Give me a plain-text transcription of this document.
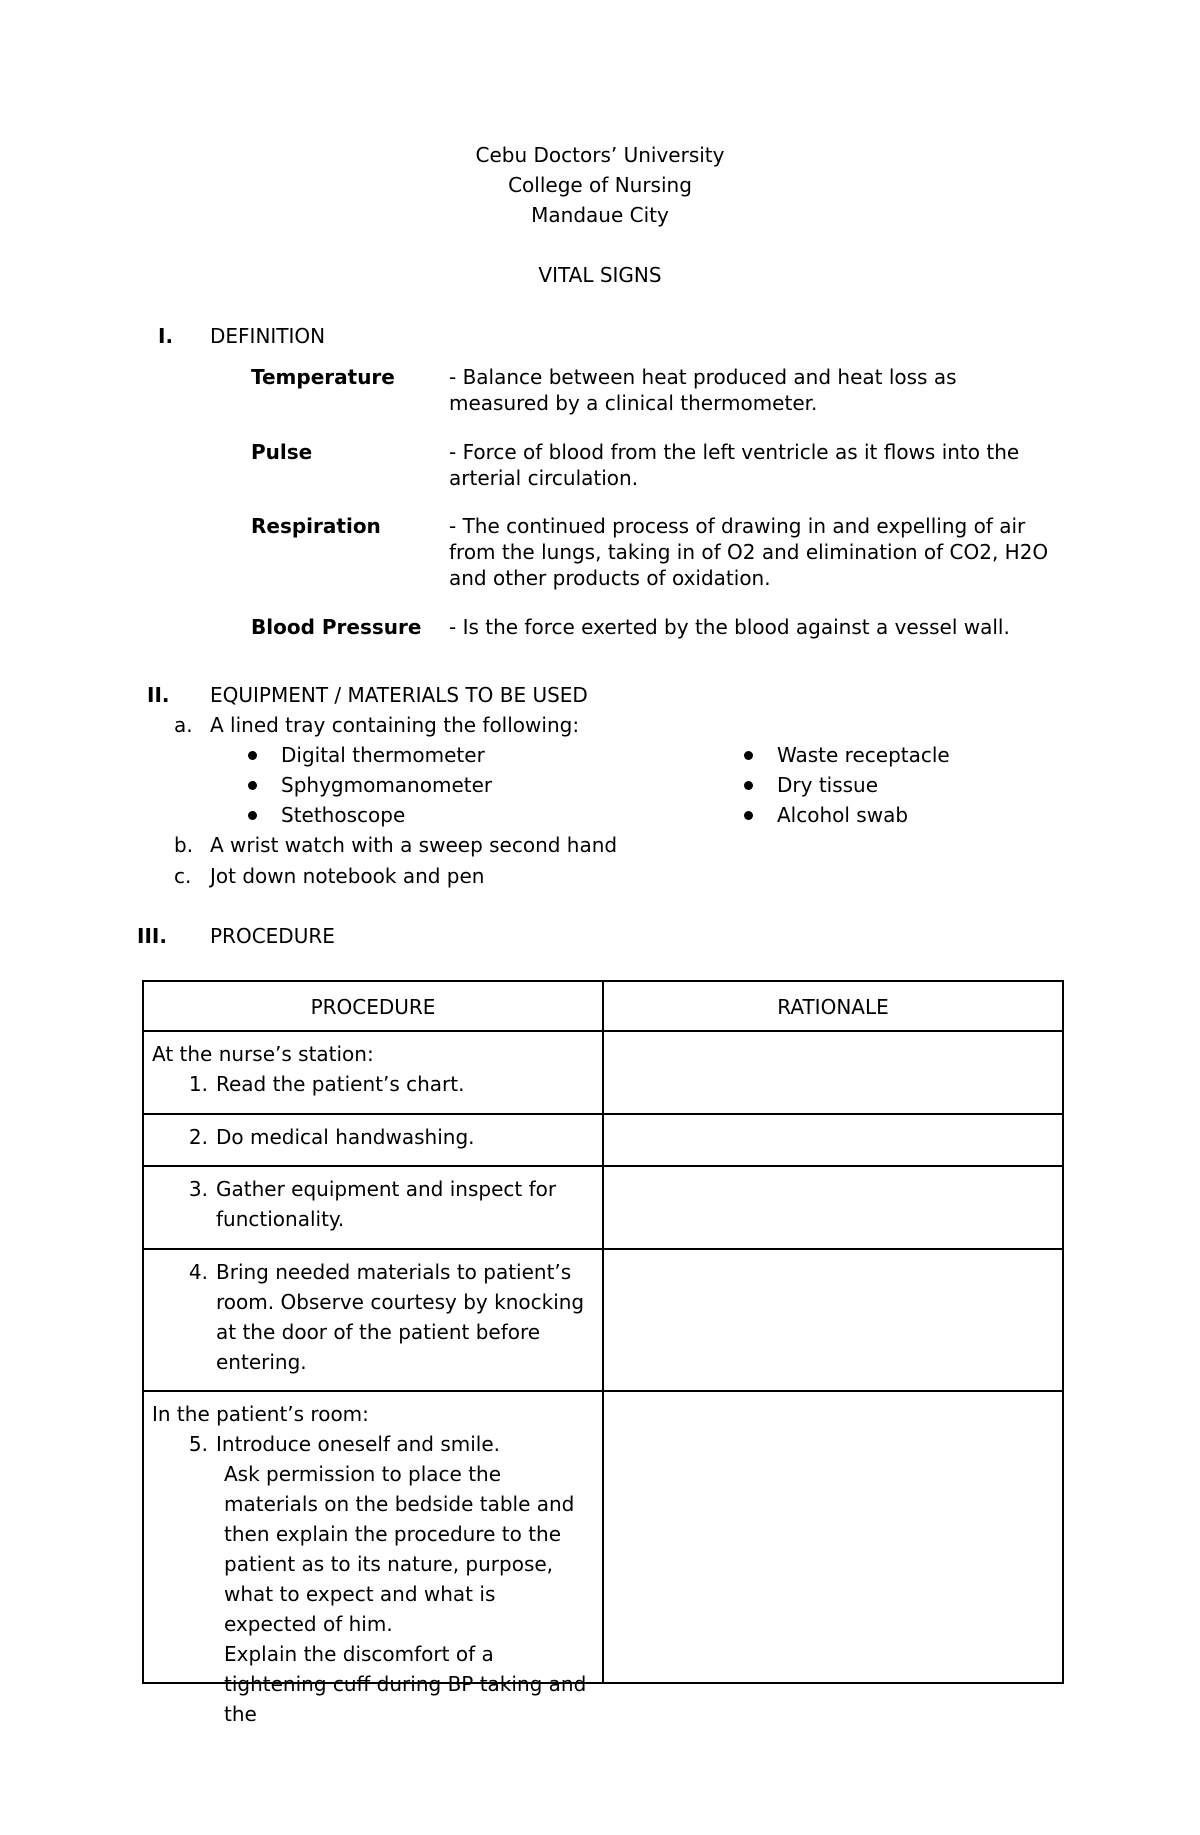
Cebu Doctors’ University
College of Nursing
Mandaue City
VITAL SIGNS
I. DEFINITION
Temperature	- Balance between heat produced and heat loss as measured by a clinical thermometer.
Pulse	- Force of blood from the left ventricle as it flows into the arterial circulation.
Respiration	- The continued process of drawing in and expelling of air from the lungs, taking in of O2 and elimination of CO2, H2O and other products of oxidation.
Blood Pressure - Is the force exerted by the blood against a vessel wall.
II. EQUIPMENT / MATERIALS TO BE USED
a. A lined tray containing the following:
Digital thermometer
Sphygmomanometer
Stethoscope
Waste receptacle
Dry tissue
Alcohol swab
b. A wrist watch with a sweep second hand
c. Jot down notebook and pen
III. PROCEDURE
PROCEDURE	RATIONALE
At the nurse’s station:
1. Read the patient’s chart.
2. Do medical handwashing.
3. Gather equipment and inspect for functionality.
4. Bring needed materials to patient’s room. Observe courtesy by knocking at the door of the patient before entering.
In the patient’s room:
5. Introduce oneself and smile.
Ask permission to place the materials on the bedside table and then explain the procedure to the patient as to its nature, purpose, what to expect and what is expected of him.
Explain the discomfort of a tightening cuff during BP taking and the
